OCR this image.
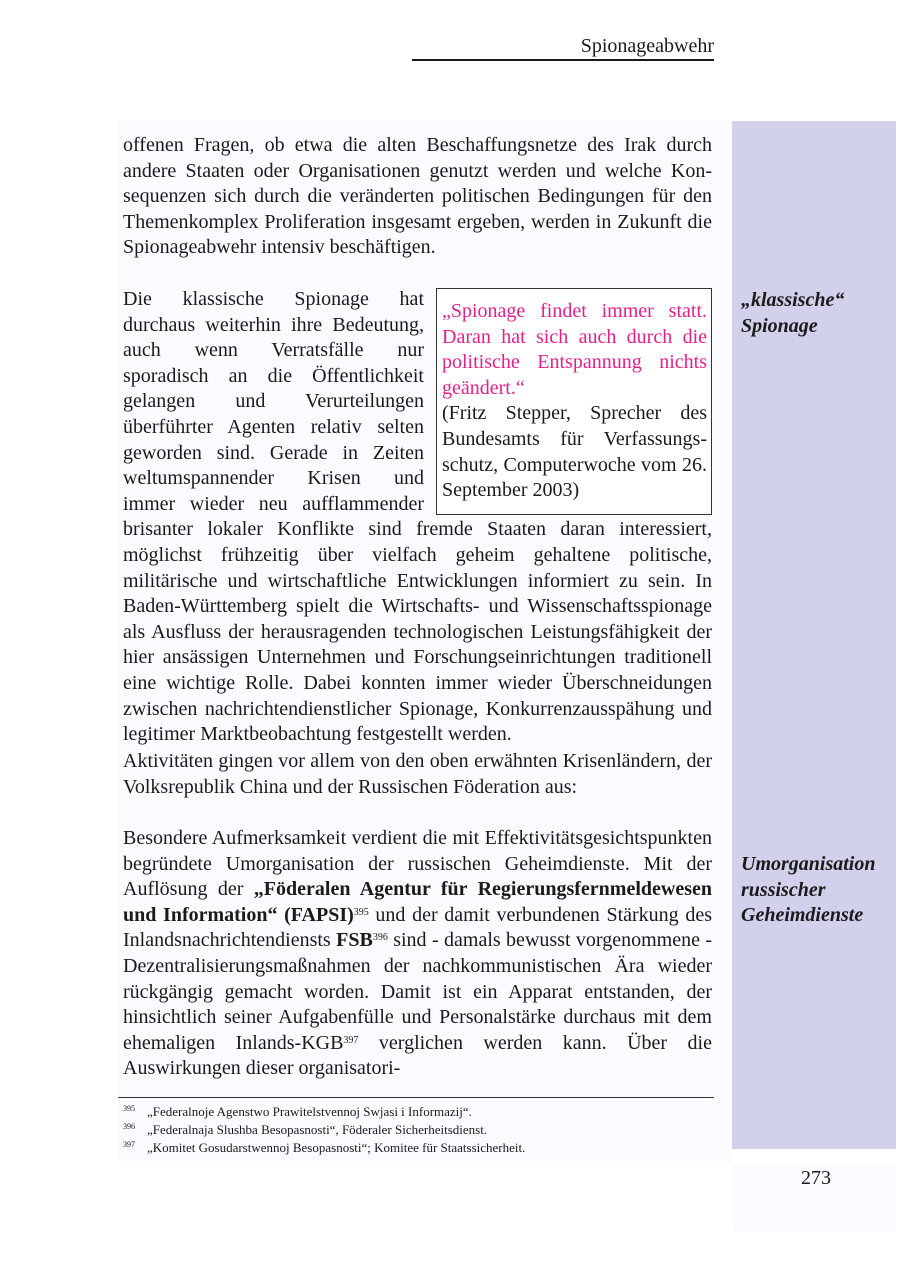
Spionageabwehr

offenen Fragen, ob etwa die alten Beschaffungsnetze des Irak durch andere Staaten oder Organisationen genutzt werden und welche Konsequenzen sich durch die veränderten politischen Bedingungen für den Themenkomplex Proliferation insgesamt ergeben, werden in Zukunft die Spionageabwehr intensiv beschäftigen.

„Spionage findet immer statt. Daran hat sich auch durch die politische Entspannung nichts geändert.“
(Fritz Stepper, Sprecher des Bundesamts für Verfassungsschutz, Computerwoche vom 26. September 2003)
Die klassische Spionage hat durchaus weiterhin ihre Bedeutung, auch wenn Verratsfälle nur sporadisch an die Öffentlichkeit gelangen und Verurteilungen überführter Agenten relativ selten geworden sind. Gerade in Zeiten weltumspannender Krisen und immer wieder neu aufflammender brisanter lokaler Konflikte sind fremde Staaten daran interessiert, möglichst frühzeitig über vielfach geheim gehaltene politische, militärische und wirtschaftliche Entwicklungen informiert zu sein. In Baden-Württemberg spielt die Wirtschafts- und Wissenschaftsspionage als Ausfluss der herausragenden technologischen Leistungsfähigkeit der hier ansässigen Unternehmen und Forschungseinrichtungen traditionell eine wichtige Rolle. Dabei konnten immer wieder Überschneidungen zwischen nachrichtendienstlicher Spionage, Konkurrenzausspähung und legitimer Marktbeobachtung festgestellt werden.

Aktivitäten gingen vor allem von den oben erwähnten Krisenländern, der Volksrepublik China und der Russischen Föderation aus:

Besondere Aufmerksamkeit verdient die mit Effektivitätsgesichtspunkten begründete Umorganisation der russischen Geheimdienste. Mit der Auflösung der „Föderalen Agentur für Regierungsfernmeldewesen und Information“ (FAPSI)$^{395}$ und der damit verbundenen Stärkung des Inlandsnachrichtendiensts FSB$^{396}$ sind - damals bewusst vorgenommene - Dezentralisierungsmaßnahmen der nachkommunistischen Ära wieder rückgängig gemacht worden. Damit ist ein Apparat entstanden, der hinsichtlich seiner Aufgabenfülle und Personalstärke durchaus mit dem ehemaligen Inlands-KGB$^{397}$ verglichen werden kann. Über die Auswirkungen dieser organisatori-

„klassische“ Spionage
Umorganisation russischer Geheimdienste
395 „Federalnoje Agenstwo Prawitelstvennoj Swjasi i Informazij“.
396 „Federalnaja Slushba Besopasnosti“, Föderaler Sicherheitsdienst.
397 „Komitet Gosudarstwennoj Besopasnosti“; Komitee für Staatssicherheit.
273
